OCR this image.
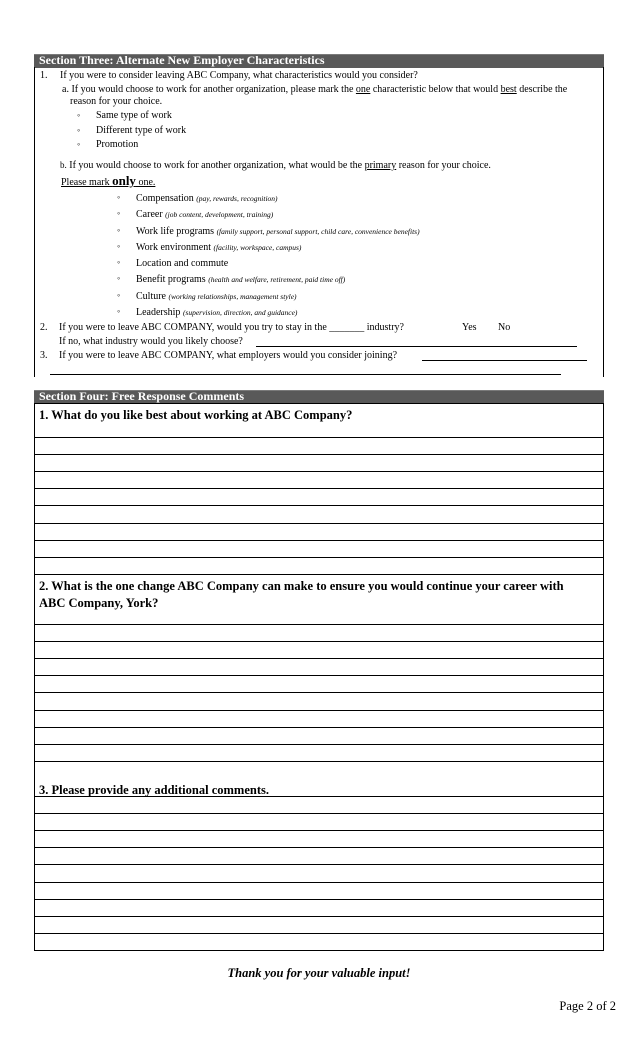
Section Three: Alternate New Employer Characteristics
1. If you were to consider leaving ABC Company, what characteristics would you consider?
a. If you would choose to work for another organization, please mark the one characteristic below that would best describe the
reason for your choice.
◦ Same type of work
◦ Different type of work
◦ Promotion
b. If you would choose to work for another organization, what would be the primary reason for your choice.
Please mark only one.
◦ Compensation (pay, rewards, recognition)
◦ Career (job content, development, training)
◦ Work life programs (family support, personal support, child care, convenience benefits)
◦ Work environment (facility, workspace, campus)
◦ Location and commute
◦ Benefit programs (health and welfare, retirement, paid time off)
◦ Culture (working relationships, management style)
◦ Leadership (supervision, direction, and guidance)
2. If you were to leave ABC COMPANY, would you try to stay in the _______ industry?	Yes No
If no, what industry would you likely choose?
3. If you were to leave ABC COMPANY, what employers would you consider joining?
Section Four: Free Response Comments
1. What do you like best about working at ABC Company?
2. What is the one change ABC Company can make to ensure you would continue your career with
ABC Company, York?
3. Please provide any additional comments.
Thank you for your valuable input!
Page 2 of 2
